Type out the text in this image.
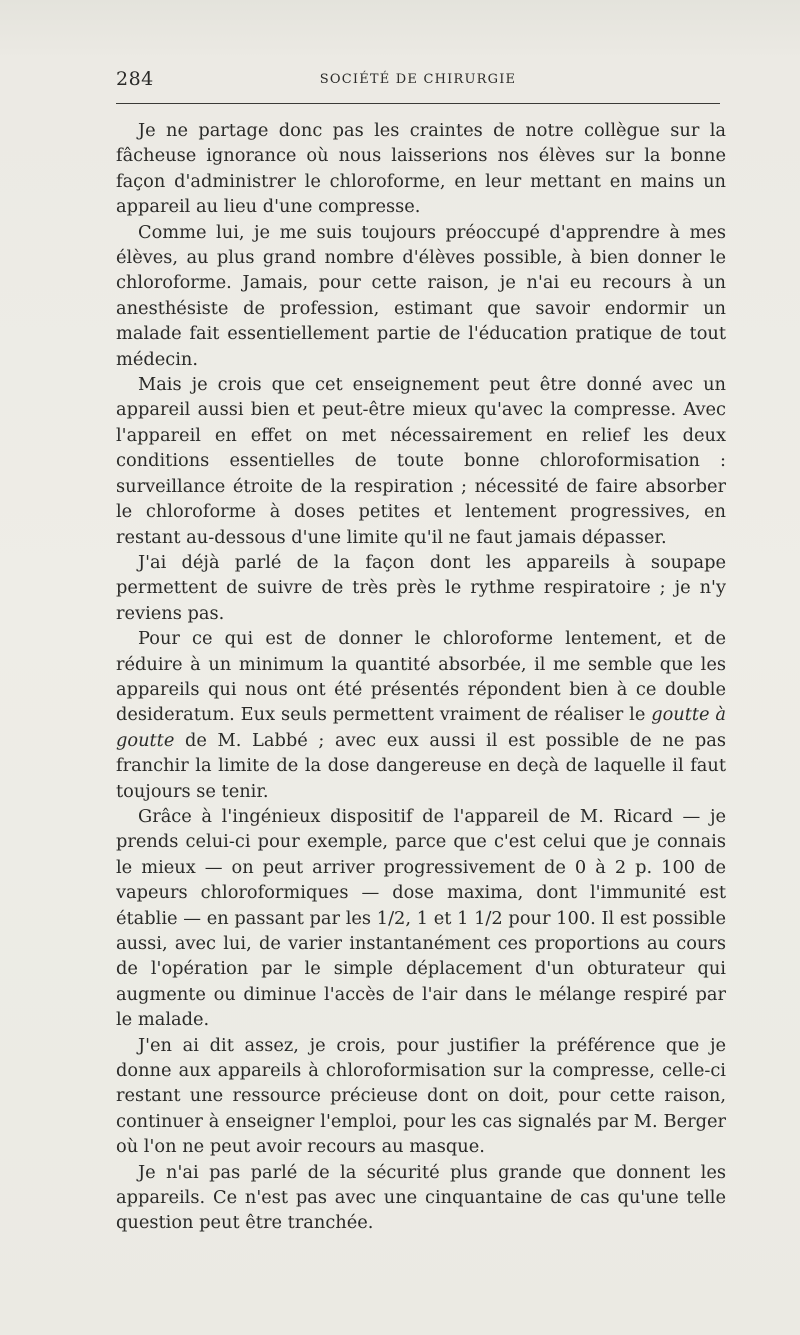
284	SOCIÉTÉ DE CHIRURGIE

Je ne partage donc pas les craintes de notre collègue sur la fâcheuse ignorance où nous laisserions nos élèves sur la bonne façon d'administrer le chloroforme, en leur mettant en mains un appareil au lieu d'une compresse.

Comme lui, je me suis toujours préoccupé d'apprendre à mes élèves, au plus grand nombre d'élèves possible, à bien donner le chloroforme. Jamais, pour cette raison, je n'ai eu recours à un anesthésiste de profession, estimant que savoir endormir un malade fait essentiellement partie de l'éducation pratique de tout médecin.

Mais je crois que cet enseignement peut être donné avec un appareil aussi bien et peut-être mieux qu'avec la compresse. Avec l'appareil en effet on met nécessairement en relief les deux conditions essentielles de toute bonne chloroformisation : surveillance étroite de la respiration ; nécessité de faire absorber le chloroforme à doses petites et lentement progressives, en restant au-dessous d'une limite qu'il ne faut jamais dépasser.

J'ai déjà parlé de la façon dont les appareils à soupape permettent de suivre de très près le rythme respiratoire ; je n'y reviens pas.

Pour ce qui est de donner le chloroforme lentement, et de réduire à un minimum la quantité absorbée, il me semble que les appareils qui nous ont été présentés répondent bien à ce double desideratum. Eux seuls permettent vraiment de réaliser le goutte à goutte de M. Labbé ; avec eux aussi il est possible de ne pas franchir la limite de la dose dangereuse en deçà de laquelle il faut toujours se tenir.

Grâce à l'ingénieux dispositif de l'appareil de M. Ricard — je prends celui-ci pour exemple, parce que c'est celui que je connais le mieux — on peut arriver progressivement de 0 à 2 p. 100 de vapeurs chloroformiques — dose maxima, dont l'immunité est établie — en passant par les 1/2, 1 et 1 1/2 pour 100. Il est possible aussi, avec lui, de varier instantanément ces proportions au cours de l'opération par le simple déplacement d'un obturateur qui augmente ou diminue l'accès de l'air dans le mélange respiré par le malade.

J'en ai dit assez, je crois, pour justifier la préférence que je donne aux appareils à chloroformisation sur la compresse, celle-ci restant une ressource précieuse dont on doit, pour cette raison, continuer à enseigner l'emploi, pour les cas signalés par M. Berger où l'on ne peut avoir recours au masque.

Je n'ai pas parlé de la sécurité plus grande que donnent les appareils. Ce n'est pas avec une cinquantaine de cas qu'une telle question peut être tranchée.
